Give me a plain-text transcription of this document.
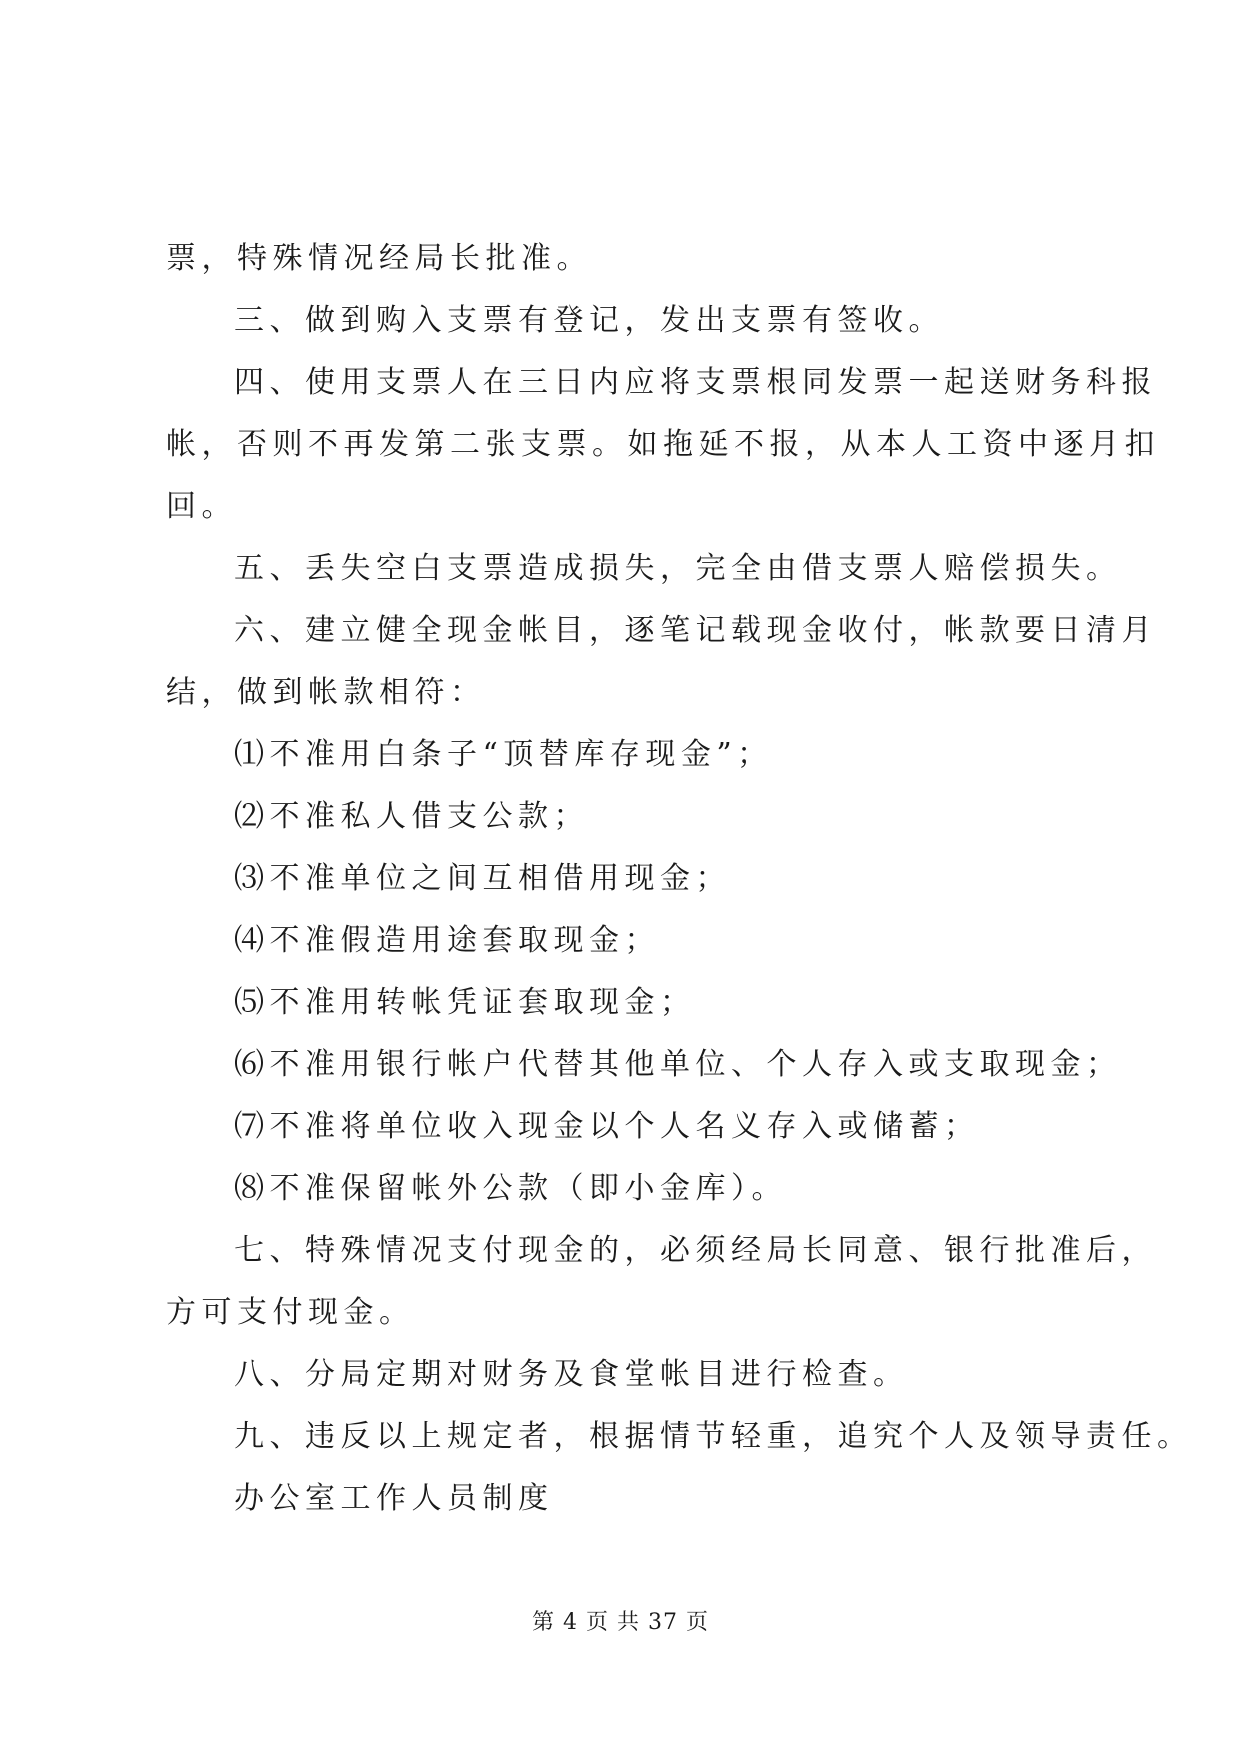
票，特殊情况经局长批准。
三、做到购入支票有登记，发出支票有签收。
四、使用支票人在三日内应将支票根同发票一起送财务科报
帐，否则不再发第二张支票。如拖延不报，从本人工资中逐月扣
回。
五、丢失空白支票造成损失，完全由借支票人赔偿损失。
六、建立健全现金帐目，逐笔记载现金收付，帐款要日清月
结，做到帐款相符：
⑴不准用白条子“顶替库存现金”；
⑵不准私人借支公款；
⑶不准单位之间互相借用现金；
⑷不准假造用途套取现金；
⑸不准用转帐凭证套取现金；
⑹不准用银行帐户代替其他单位、个人存入或支取现金；
⑺不准将单位收入现金以个人名义存入或储蓄；
⑻不准保留帐外公款（即小金库）。
七、特殊情况支付现金的，必须经局长同意、银行批准后，
方可支付现金。
八、分局定期对财务及食堂帐目进行检查。
九、违反以上规定者，根据情节轻重，追究个人及领导责任。
办公室工作人员制度
第 4 页 共 37 页
